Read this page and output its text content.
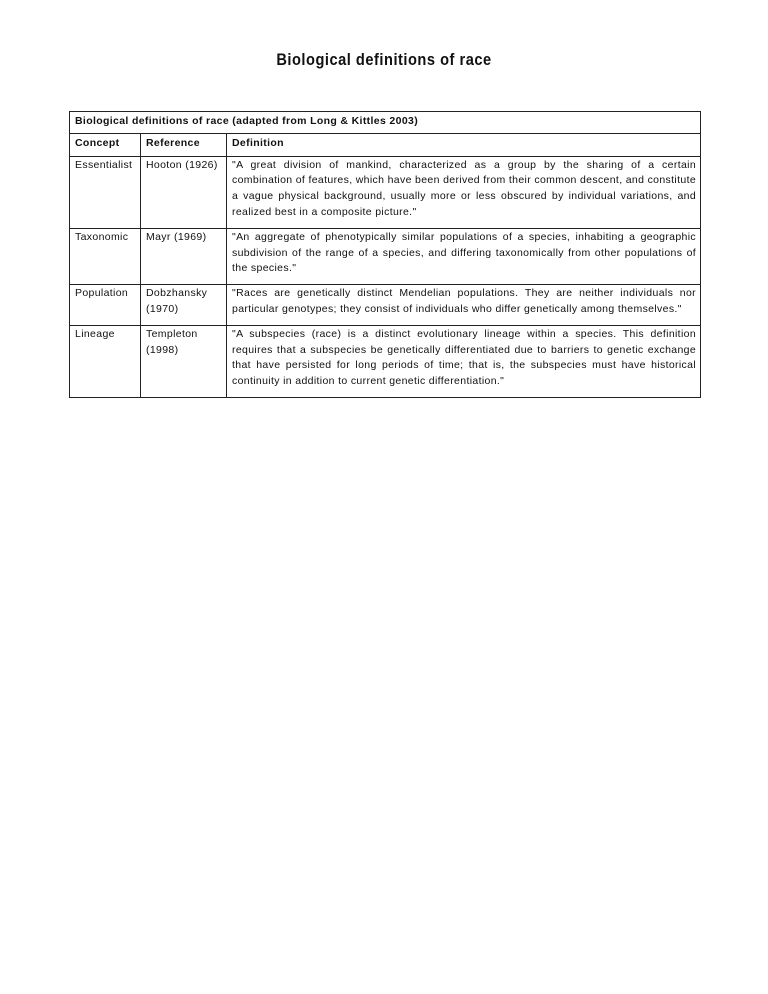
Biological definitions of race
Biological definitions of race (adapted from Long & Kittles 2003)		
Concept	Reference	Definition
Essentialist	Hooton (1926)	"A great division of mankind, characterized as a group by the sharing of a certain combination of features, which have been derived from their common descent, and constitute a vague physical background, usually more or less obscured by individual variations, and realized best in a composite picture."
Taxonomic	Mayr (1969)	"An aggregate of phenotypically similar populations of a species, inhabiting a geographic subdivision of the range of a species, and differing taxonomically from other populations of the species."
Population	Dobzhansky (1970)	"Races are genetically distinct Mendelian populations. They are neither individuals nor particular genotypes; they consist of individuals who differ genetically among themselves."
Lineage	Templeton (1998)	"A subspecies (race) is a distinct evolutionary lineage within a species. This definition requires that a subspecies be genetically differentiated due to barriers to genetic exchange that have persisted for long periods of time; that is, the subspecies must have historical continuity in addition to current genetic differentiation."
